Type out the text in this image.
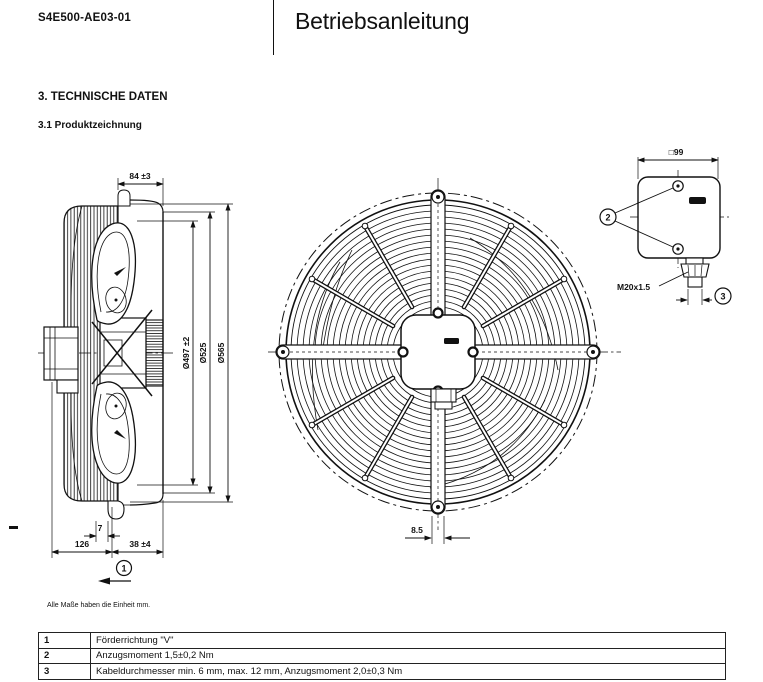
S4E500-AE03-01	Betriebsanleitung
3. TECHNISCHE DATEN
3.1 Produktzeichnung
84 ±3
Ø497 ±2 Ø525 Ø565
7
126	38 ±4
1
8.5
□99
2
M20x1.5
3
Alle Maße haben die Einheit mm.
1	Förderrichtung "V"
2	Anzugsmoment 1,5±0,2 Nm
3	Kabeldurchmesser min. 6 mm, max. 12 mm, Anzugsmoment 2,0±0,3 Nm
